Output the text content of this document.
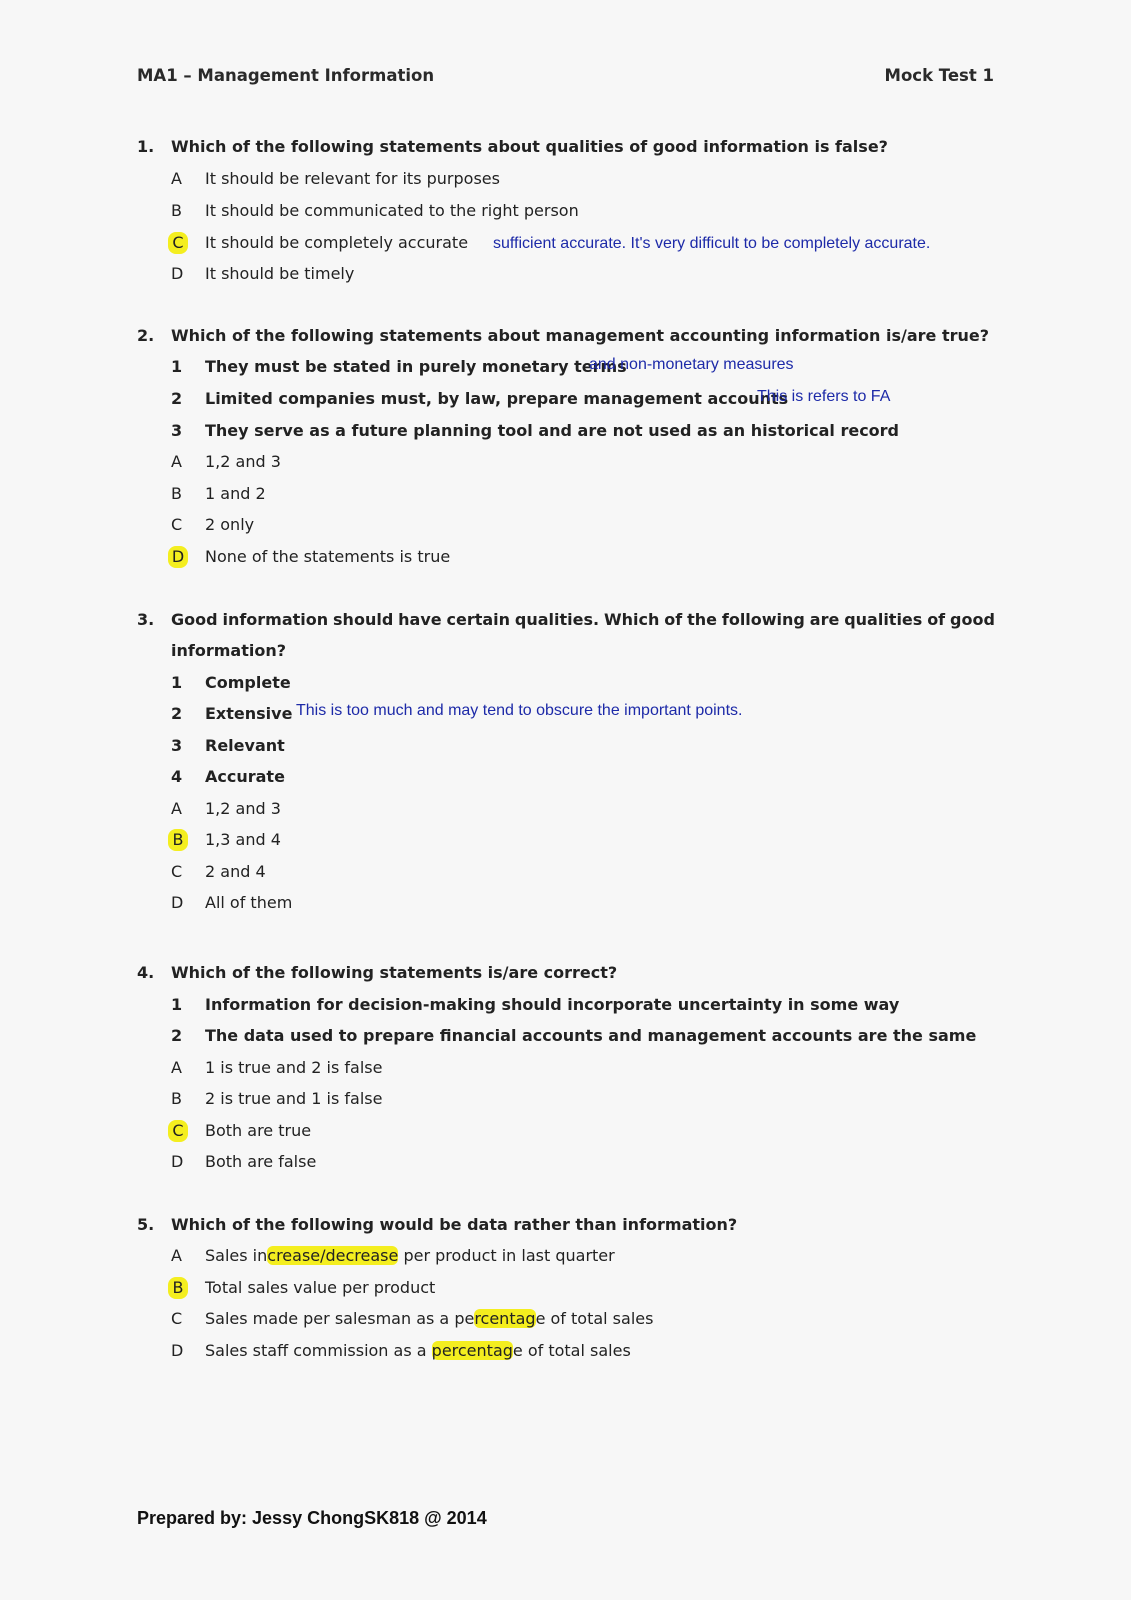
MA1 – Management Information	Mock Test 1
1. Which of the following statements about qualities of good information is false?
A	It should be relevant for its purposes
B	It should be communicated to the right person
C	It should be completely accurate sufficient accurate. It's very difficult to be completely accurate.
D	It should be timely
2. Which of the following statements about management accounting information is/are true?
1	They must be stated in purely monetary terms
and non-monetary measures
2	Limited companies must, by law, prepare management accounts
This is refers to FA
3	They serve as a future planning tool and are not used as an historical record
A	1,2 and 3
B	1 and 2
C	2 only
D	None of the statements is true
3. Good information should have certain qualities. Which of the following are qualities of good
information?
1	Complete
2	Extensive This is too much and may tend to obscure the important points.
3	Relevant
4	Accurate
A	1,2 and 3
B	1,3 and 4
C	2 and 4
D	All of them
4. Which of the following statements is/are correct?
1	Information for decision-making should incorporate uncertainty in some way
2	The data used to prepare financial accounts and management accounts are the same
A	1 is true and 2 is false
B	2 is true and 1 is false
C	Both are true
D	Both are false
5. Which of the following would be data rather than information?
A	Sales increase/decrease per product in last quarter
B	Total sales value per product
C	Sales made per salesman as a percentage of total sales
D	Sales staff commission as a percentage of total sales
Prepared by: Jessy ChongSK818 @ 2014
